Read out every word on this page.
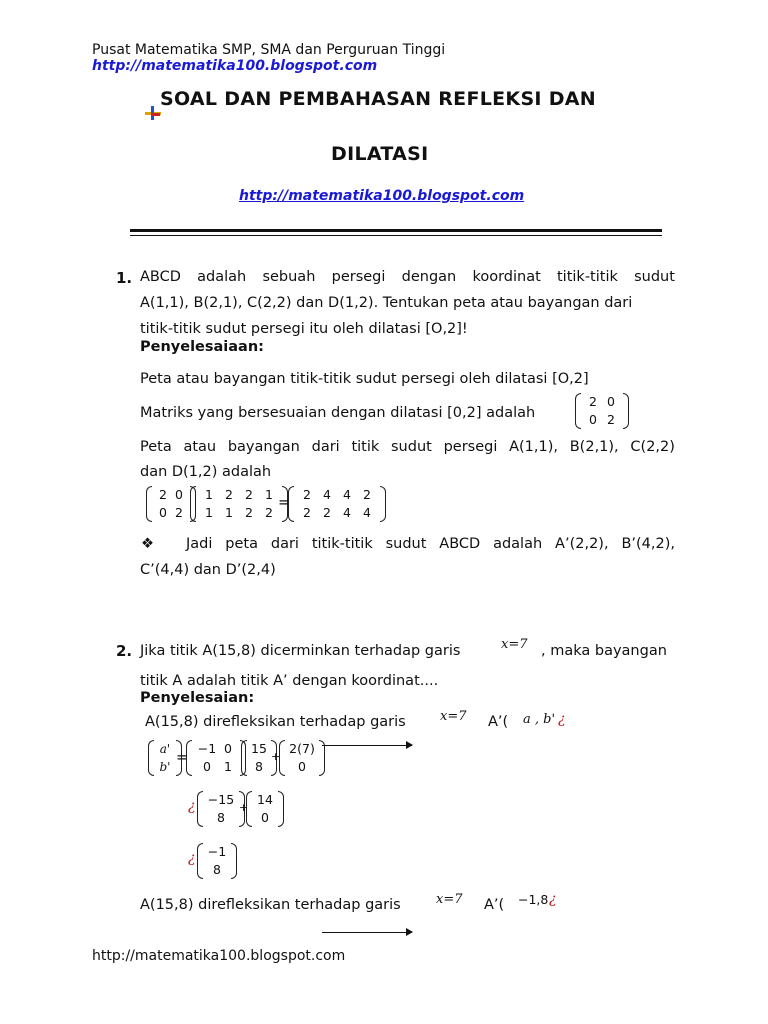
Pusat Matematika SMP, SMA dan Perguruan Tinggi
http://matematika100.blogspot.com
SOAL DAN PEMBAHASAN REFLEKSI DAN
DILATASI
http://matematika100.blogspot.com
1. ABCD adalah sebuah persegi dengan koordinat titik-titik sudut
A(1,1), B(2,1), C(2,2) dan D(1,2). Tentukan peta atau bayangan dari
titik-titik sudut persegi itu oleh dilatasi [O,2]!
Penyelesaiaan:
Peta atau bayangan titik-titik sudut persegi oleh dilatasi [O,2]
Matriks yang bersesuaian dengan dilatasi [0,2] adalah
2 0
0 2
Peta atau bayangan dari titik sudut persegi A(1,1), B(2,1), C(2,2)
dan D(1,2) adalah
2 0
0 2
1 2 2 1
1 1 2 2
= 2 4 4 2
2 2 4 4
❖ Jadi peta dari titik-titik sudut ABCD adalah A’(2,2), B’(4,2),
C’(4,4) dan D’(2,4)
2. Jika titik A(15,8) dicerminkan terhadap garis	x=7 , maka bayangan
titik A adalah titik A’ dengan koordinat....
Penyelesaian:
A(15,8) direfleksikan terhadap garis	x=7 A’( a , b' ¿
a'
b'
= −1 0
0	1
15
8
+
2(7)
0
¿ −15
8
+
14
0
¿ −1
8
A(15,8) direfleksikan terhadap garis	x=7 A’( −1,8 ¿
http://matematika100.blogspot.com
